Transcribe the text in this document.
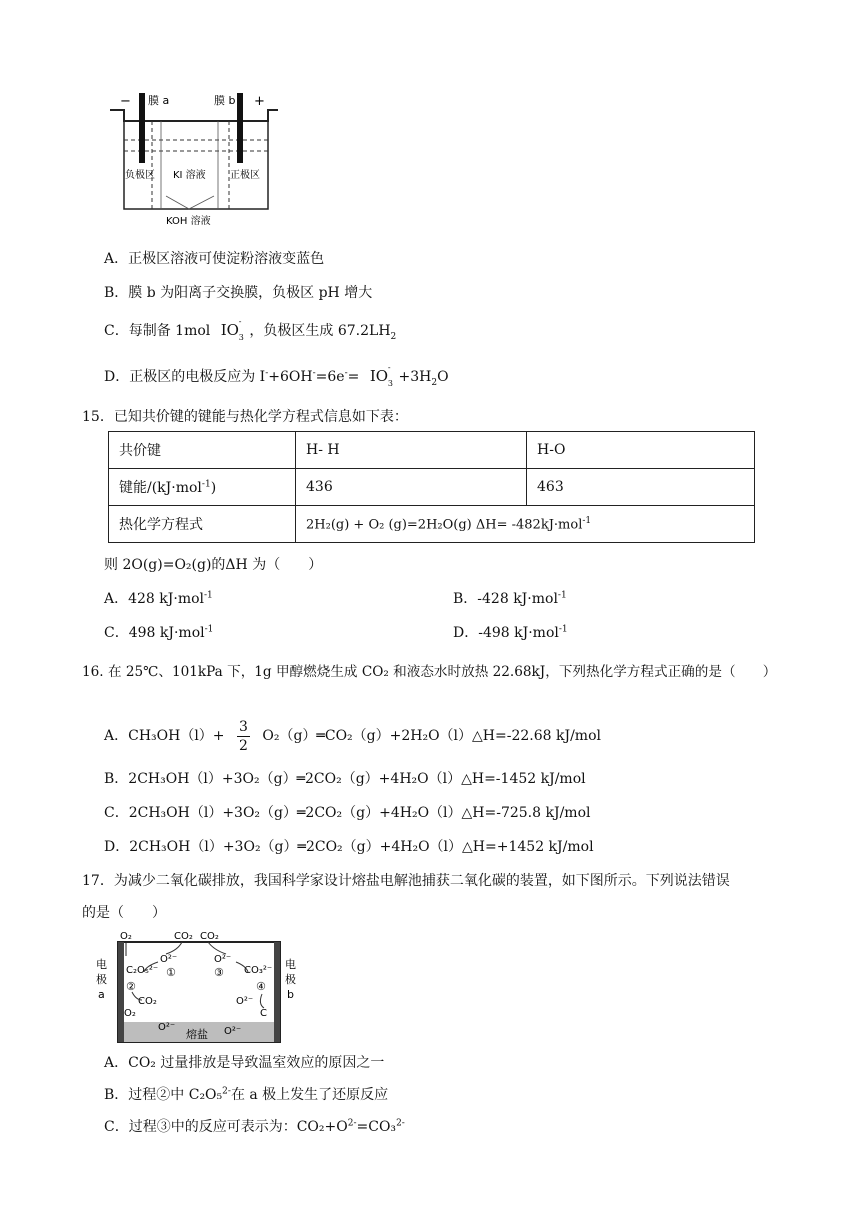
−	+
膜 a	膜 b
负极区 KI 溶液 正极区
KOH 溶液
A．正极区溶液可使淀粉溶液变蓝色
B．膜 b 为阳离子交换膜，负极区 pH 增大
C．每制备 1mol IO -
3 ，负极区生成 $67.2LH_2$
D．正极区的电极反应为 I-+6OH-=6e-= IO -
$3 +3H_2O$
15．已知共价键的键能与热化学方程式信息如下表：
共价键	H- H	H-O
键能/(kJ·mol$^{-1}$)	436	463
热化学方程式	2H₂(g) + O₂ (g)=2H₂O(g) ΔH= -482kJ·mol$^{-1}$
则 2O(g)=O₂(g)的ΔH 为（　　）
A．428 kJ·mol$^{-1}$	B．-428 kJ·mol$^{-1}$
C．498 kJ·mol$^{-1}$	D．-498 kJ·mol$^{-1}$
16. 在 25℃、101kPa 下，1g 甲醇燃烧生成 CO₂ 和液态水时放热 22.68kJ，下列热化学方程式正确的是（　　）
A．$CH_3OH(l)+ \frac{3}{2}$ O₂（g）═CO₂（g）+2H₂O（l）△H=-22.68 kJ/mol
B．2CH₃OH（l）+3O₂（g）═2CO₂（g）+4H₂O（l）△H=-1452 kJ/mol
C．2CH₃OH（l）+3O₂（g）═2CO₂（g）+4H₂O（l）△H=-725.8 kJ/mol
D．2CH₃OH（l）+3O₂（g）═2CO₂（g）+4H₂O（l）△H=+1452 kJ/mol
17．为减少二氧化碳排放，我国科学家设计熔盐电解池捕获二氧化碳的装置，如下图所示。下列说法错误
的是（　　）
O₂	CO₂ CO₂
电
极
a
电
极
b
C₂O₅²⁻
O²⁻
①
O²⁻
③ CO₃²⁻
②	④
CO₂
O₂
O²⁻
C
O²⁻	O²⁻
熔盐
A．CO₂ 过量排放是导致温室效应的原因之一
B．过程②中 C₂O₅$^{2-}$在 a 极上发生了还原反应
C．过程③中的反应可表示为：$CO_2+O^{2-}=CO_3^{2-}$
